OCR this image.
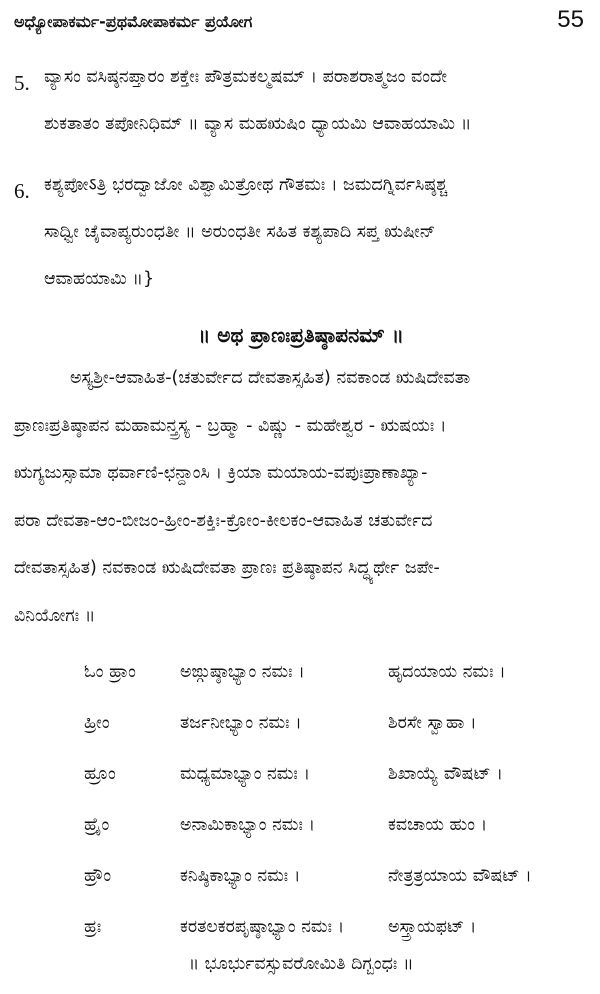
ಅಧ್ಯೋಪಾಕರ್ಮ-ಪ್ರಥಮೋಪಾಕರ್ಮ ಪ್ರಯೋಗ	55
5. ವ್ಯಾಸಂ ವಸಿಷ್ಠನಪ್ತಾರಂ ಶಕ್ತೇಃ ಪೌತ್ರಮಕಲ್ಮಷಮ್ । ಪರಾಶರಾತ್ಮಜಂ ವಂದೇ
ಶುಕತಾತಂ ತಪೋನಿಧಿಮ್ ॥ ವ್ಯಾಸ ಮಹಋಷಿಂ ಧ್ಯಾಯಮಿ ಆವಾಹಯಾಮಿ ॥
6. ಕಶ್ಯಪೋऽತ್ರಿ ಭರದ್ವಾಜೋ ವಿಶ್ವಾಮಿತ್ರೋಥ ಗೌತಮಃ । ಜಮದಗ್ನಿರ್ವಸಿಷ್ಠಶ್ಚ
ಸಾಧ್ವೀ ಚೈವಾಪ್ಯರುಂಧತೀ ॥ ಅರುಂಧತೀ ಸಹಿತ ಕಶ್ಯಪಾದಿ ಸಪ್ತ ಋಷೀನ್
ಆವಾಹಯಾಮಿ ॥}
॥ ಅಥ ಪ್ರಾಣಃಪ್ರತಿಷ್ಠಾಪನಮ್ ॥
ಅಸ್ಯಶ್ರೀ-ಆವಾಹಿತ-(ಚತುರ್ವೇದ ದೇವತಾಸ್ಸಹಿತ) ನವಕಾಂಡ ಋಷಿದೇವತಾ
ಪ್ರಾಣಃಪ್ರತಿಷ್ಠಾಪನ ಮಹಾಮನ್ತ್ರಸ್ಯ - ಬ್ರಹ್ಮಾ - ವಿಷ್ಣು - ಮಹೇಶ್ವರ - ಋಷಯಃ ।
ಋಗ್ಯಜುಸ್ಸಾಮಾ ಥರ್ವಾಣಿ-ಛನ್ದಾಂಸಿ । ಕ್ರಿಯಾ ಮಯಾಯ-ವಪುಃಪ್ರಾಣಾಖ್ಯಾ-
ಪರಾ ದೇವತಾ-ಆಂ-ಬೀಜಂ-ಹ್ರೀಂ-ಶಕ್ತಿಃ-ಕ್ರೋಂ-ಕೀಲಕಂ-ಆವಾಹಿತ ಚತುರ್ವೇದ
ದೇವತಾಸ್ಸಹಿತ) ನವಕಾಂಡ ಋಷಿದೇವತಾ ಪ್ರಾಣಃ ಪ್ರತಿಷ್ಠಾಪನ ಸಿದ್ಧ್ಯರ್ಥೇ ಜಪೇ-
ವಿನಿಯೋಗಃ ॥
ಓಂ ಹ್ರಾಂ	ಅಙ್ಗುಷ್ಠಾಭ್ಯಾಂ ನಮಃ ।	ಹೃದಯಾಯ ನಮಃ ।
ಹ್ರೀಂ	ತರ್ಜನೀಭ್ಯಾಂ ನಮಃ ।	ಶಿರಸೇ ಸ್ವಾಹಾ ।
ಹ್ರೂಂ	ಮಧ್ಯಮಾಭ್ಯಾಂ ನಮಃ ।	ಶಿಖಾಯ್ಯೆ ವೌಷಟ್ ।
ಹ್ರೈಂ	ಅನಾಮಿಕಾಭ್ಯಾಂ ನಮಃ ।	ಕವಚಾಯ ಹುಂ ।
ಹ್ರೌಂ	ಕನಿಷ್ಠಿಕಾಭ್ಯಾಂ ನಮಃ ।	ನೇತ್ರತ್ರಯಾಯ ವೌಷಟ್ ।
ಹ್ರಃ	ಕರತಲಕರಪೃಷ್ಠಾಭ್ಯಾಂ ನಮಃ ।	ಅಸ್ತ್ರಾಯಫಟ್ ।
॥ ಭೂರ್ಭುವಸ್ಸುವರೋಮಿತಿ ದಿಗ್ಬಂಧಃ ॥
